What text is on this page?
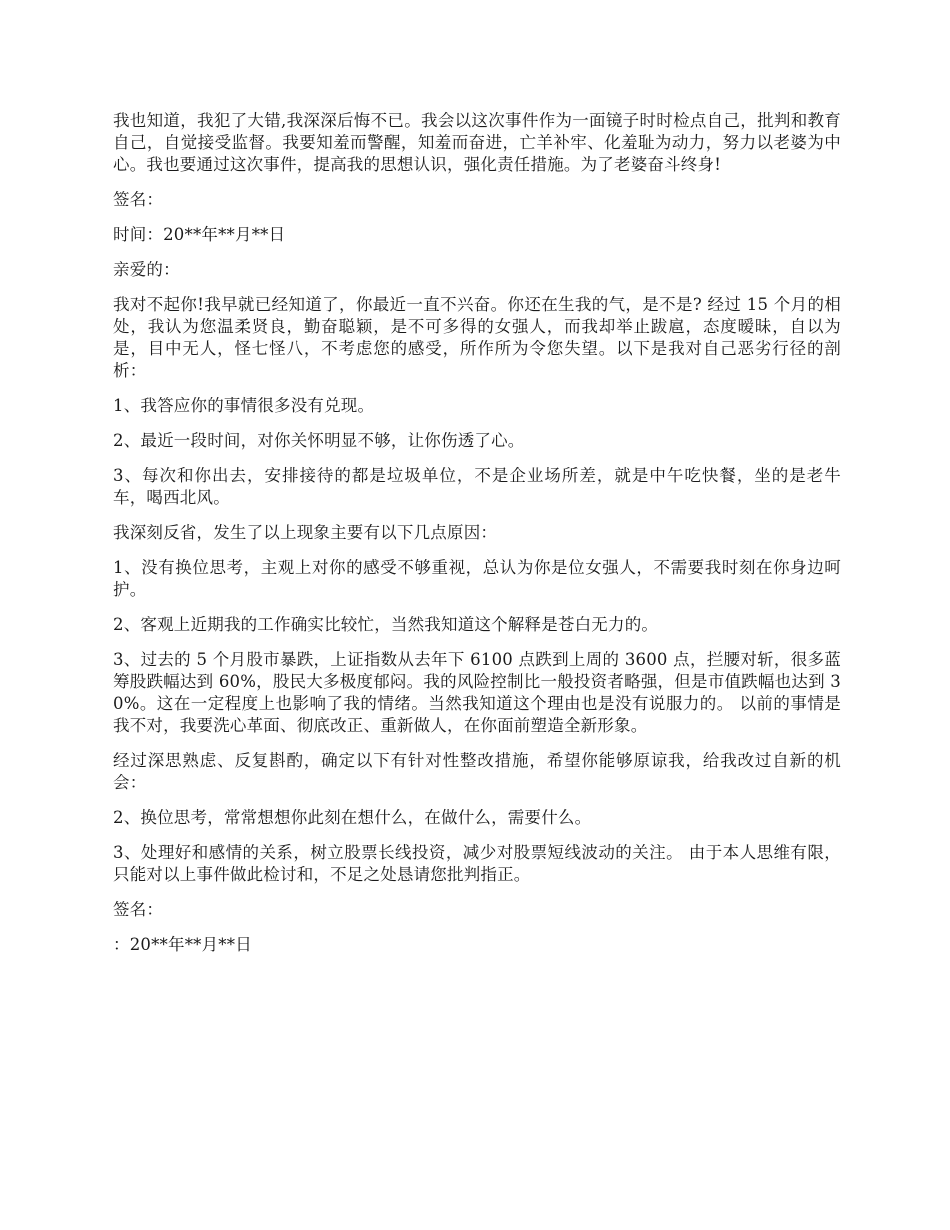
我也知道，我犯了大错,我深深后悔不已。我会以这次事件作为一面镜子时时检点自己，批判和教育自己，自觉接受监督。我要知羞而警醒，知羞而奋进，亡羊补牢、化羞耻为动力，努力以老婆为中心。我也要通过这次事件，提高我的思想认识，强化责任措施。为了老婆奋斗终身!

签名：

时间：20**年**月**日

亲爱的：

我对不起你!我早就已经知道了，你最近一直不兴奋。你还在生我的气，是不是? 经过 15 个月的相处，我认为您温柔贤良，勤奋聪颖，是不可多得的女强人，而我却举止跋扈，态度暧昧，自以为是，目中无人，怪七怪八，不考虑您的感受，所作所为令您失望。以下是我对自己恶劣行径的剖析：

1、我答应你的事情很多没有兑现。

2、最近一段时间，对你关怀明显不够，让你伤透了心。

3、每次和你出去，安排接待的都是垃圾单位，不是企业场所差，就是中午吃快餐，坐的是老牛车，喝西北风。

我深刻反省，发生了以上现象主要有以下几点原因：

1、没有换位思考，主观上对你的感受不够重视，总认为你是位女强人，不需要我时刻在你身边呵护。

2、客观上近期我的工作确实比较忙，当然我知道这个解释是苍白无力的。

3、过去的 5 个月股市暴跌，上证指数从去年下 6100 点跌到上周的 3600 点，拦腰对斩，很多蓝筹股跌幅达到 60%，股民大多极度郁闷。我的风险控制比一般投资者略强，但是市值跌幅也达到 30%。这在一定程度上也影响了我的情绪。当然我知道这个理由也是没有说服力的。 以前的事情是我不对，我要洗心革面、彻底改正、重新做人，在你面前塑造全新形象。

经过深思熟虑、反复斟酌，确定以下有针对性整改措施，希望你能够原谅我，给我改过自新的机会：

2、换位思考，常常想想你此刻在想什么，在做什么，需要什么。

3、处理好和感情的关系，树立股票长线投资，减少对股票短线波动的关注。 由于本人思维有限，只能对以上事件做此检讨和，不足之处恳请您批判指正。

签名：

：20**年**月**日
